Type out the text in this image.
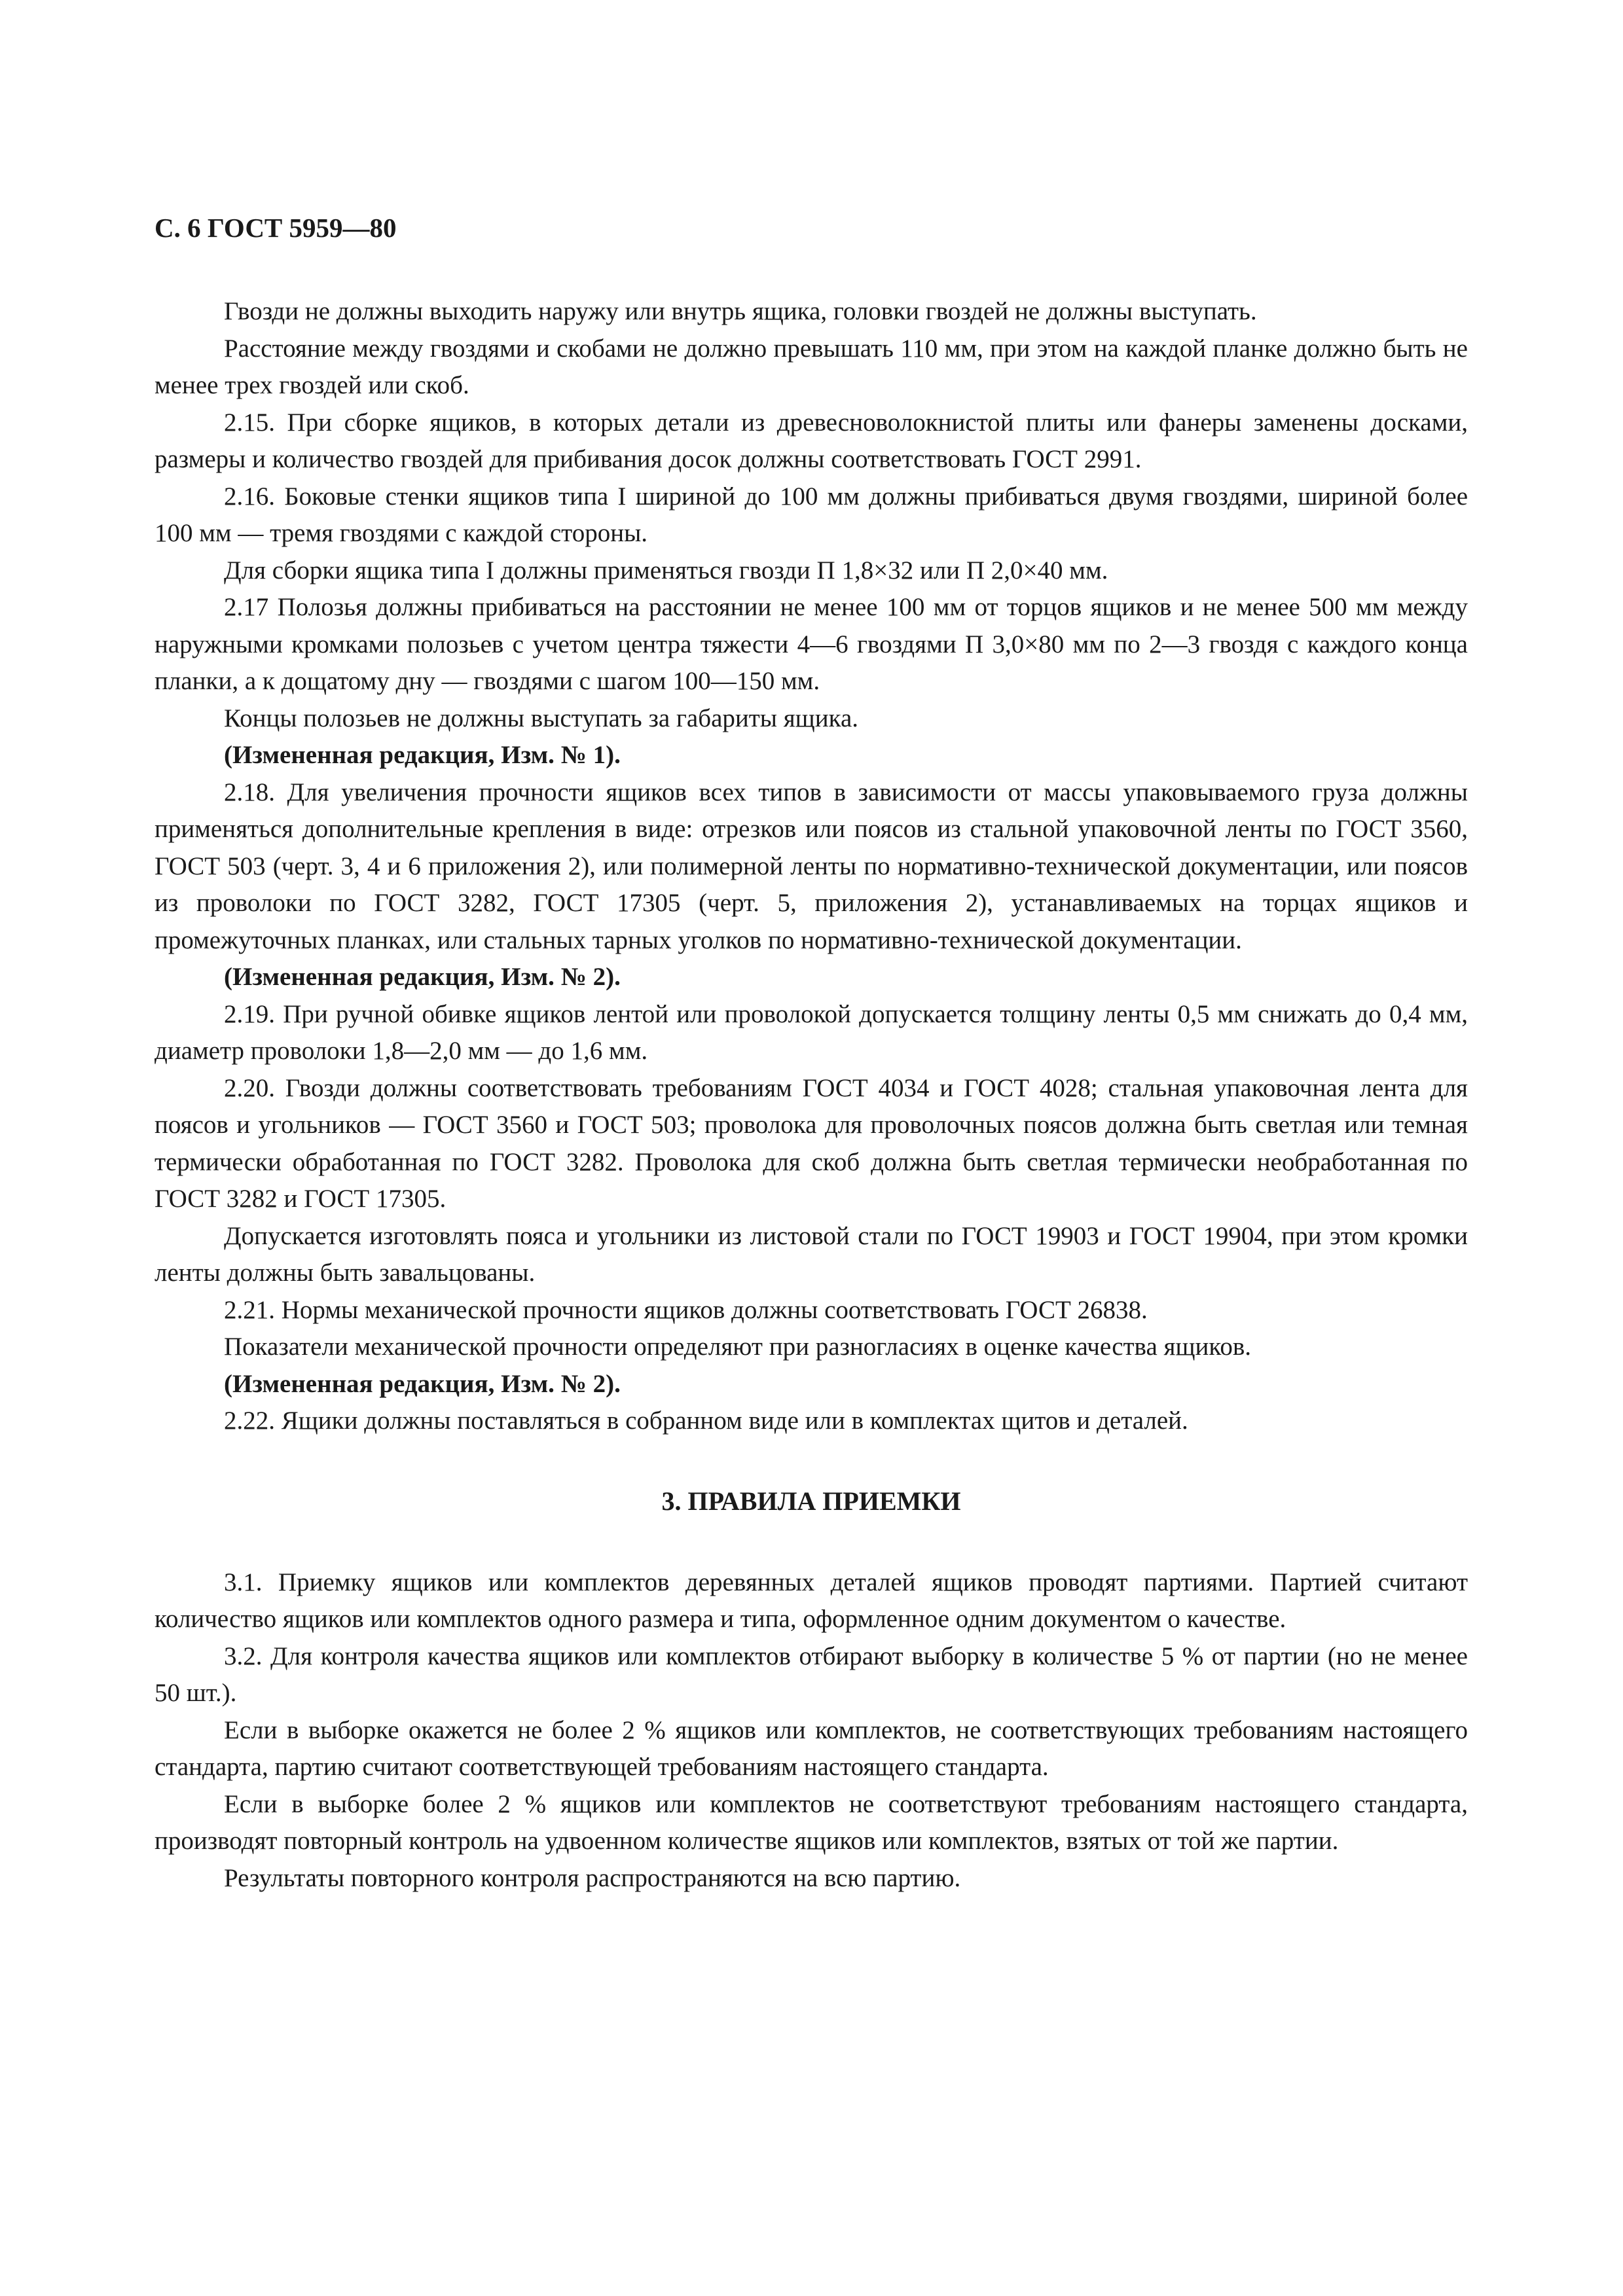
С. 6 ГОСТ 5959—80

Гвозди не должны выходить наружу или внутрь ящика, головки гвоздей не должны выступать.

Расстояние между гвоздями и скобами не должно превышать 110 мм, при этом на каждой планке должно быть не менее трех гвоздей или скоб.

2.15. При сборке ящиков, в которых детали из древесноволокнистой плиты или фанеры заменены досками, размеры и количество гвоздей для прибивания досок должны соответствовать ГОСТ 2991.

2.16. Боковые стенки ящиков типа I шириной до 100 мм должны прибиваться двумя гвоздями, шириной более 100 мм — тремя гвоздями с каждой стороны.

Для сборки ящика типа I должны применяться гвозди П 1,8×32 или П 2,0×40 мм.

2.17 Полозья должны прибиваться на расстоянии не менее 100 мм от торцов ящиков и не менее 500 мм между наружными кромками полозьев с учетом центра тяжести 4—6 гвоздями П 3,0×80 мм по 2—3 гвоздя с каждого конца планки, а к дощатому дну — гвоздями с шагом 100—150 мм.

Концы полозьев не должны выступать за габариты ящика.

(Измененная редакция, Изм. № 1).

2.18. Для увеличения прочности ящиков всех типов в зависимости от массы упаковываемого груза должны применяться дополнительные крепления в виде: отрезков или поясов из стальной упаковочной ленты по ГОСТ 3560, ГОСТ 503 (черт. 3, 4 и 6 приложения 2), или полимерной ленты по нормативно-технической документации, или поясов из проволоки по ГОСТ 3282, ГОСТ 17305 (черт. 5, приложения 2), устанавливаемых на торцах ящиков и промежуточных планках, или стальных тарных уголков по нормативно-технической документации.

(Измененная редакция, Изм. № 2).

2.19. При ручной обивке ящиков лентой или проволокой допускается толщину ленты 0,5 мм снижать до 0,4 мм, диаметр проволоки 1,8—2,0 мм — до 1,6 мм.

2.20. Гвозди должны соответствовать требованиям ГОСТ 4034 и ГОСТ 4028; стальная упаковочная лента для поясов и угольников — ГОСТ 3560 и ГОСТ 503; проволока для проволочных поясов должна быть светлая или темная термически обработанная по ГОСТ 3282. Проволока для скоб должна быть светлая термически необработанная по ГОСТ 3282 и ГОСТ 17305.

Допускается изготовлять пояса и угольники из листовой стали по ГОСТ 19903 и ГОСТ 19904, при этом кромки ленты должны быть завальцованы.

2.21. Нормы механической прочности ящиков должны соответствовать ГОСТ 26838.

Показатели механической прочности определяют при разногласиях в оценке качества ящиков.

(Измененная редакция, Изм. № 2).

2.22. Ящики должны поставляться в собранном виде или в комплектах щитов и деталей.

3. ПРАВИЛА ПРИЕМКИ

3.1. Приемку ящиков или комплектов деревянных деталей ящиков проводят партиями. Партией считают количество ящиков или комплектов одного размера и типа, оформленное одним документом о качестве.

3.2. Для контроля качества ящиков или комплектов отбирают выборку в количестве 5 % от партии (но не менее 50 шт.).

Если в выборке окажется не более 2 % ящиков или комплектов, не соответствующих требованиям настоящего стандарта, партию считают соответствующей требованиям настоящего стандарта.

Если в выборке более 2 % ящиков или комплектов не соответствуют требованиям настоящего стандарта, производят повторный контроль на удвоенном количестве ящиков или комплектов, взятых от той же партии.

Результаты повторного контроля распространяются на всю партию.
